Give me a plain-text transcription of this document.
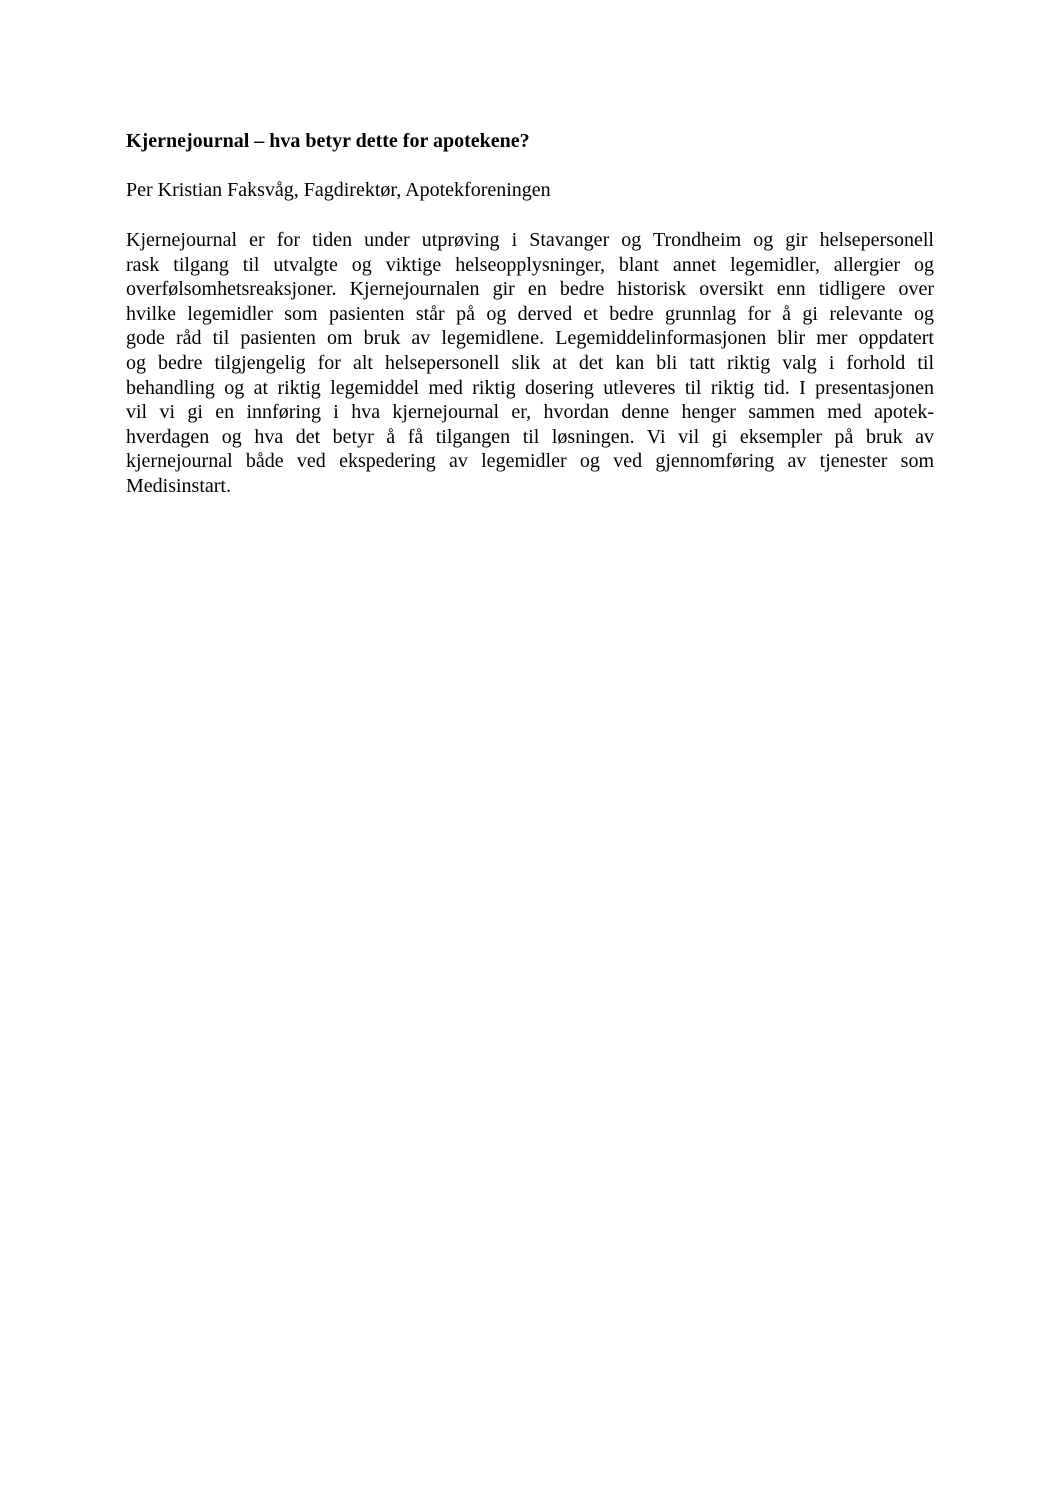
Kjernejournal – hva betyr dette for apotekene?

Per Kristian Faksvåg, Fagdirektør, Apotekforeningen

Kjernejournal er for tiden under utprøving i Stavanger og Trondheim og gir helsepersonell
rask tilgang til utvalgte og viktige helseopplysninger, blant annet legemidler, allergier og
overfølsomhetsreaksjoner. Kjernejournalen gir en bedre historisk oversikt enn tidligere over
hvilke legemidler som pasienten står på og derved et bedre grunnlag for å gi relevante og
gode råd til pasienten om bruk av legemidlene. Legemiddelinformasjonen blir mer oppdatert
og bedre tilgjengelig for alt helsepersonell slik at det kan bli tatt riktig valg i forhold til
behandling og at riktig legemiddel med riktig dosering utleveres til riktig tid. I presentasjonen
vil vi gi en innføring i hva kjernejournal er, hvordan denne henger sammen med apotek-
hverdagen og hva det betyr å få tilgangen til løsningen. Vi vil gi eksempler på bruk av
kjernejournal både ved ekspedering av legemidler og ved gjennomføring av tjenester som
Medisinstart.
